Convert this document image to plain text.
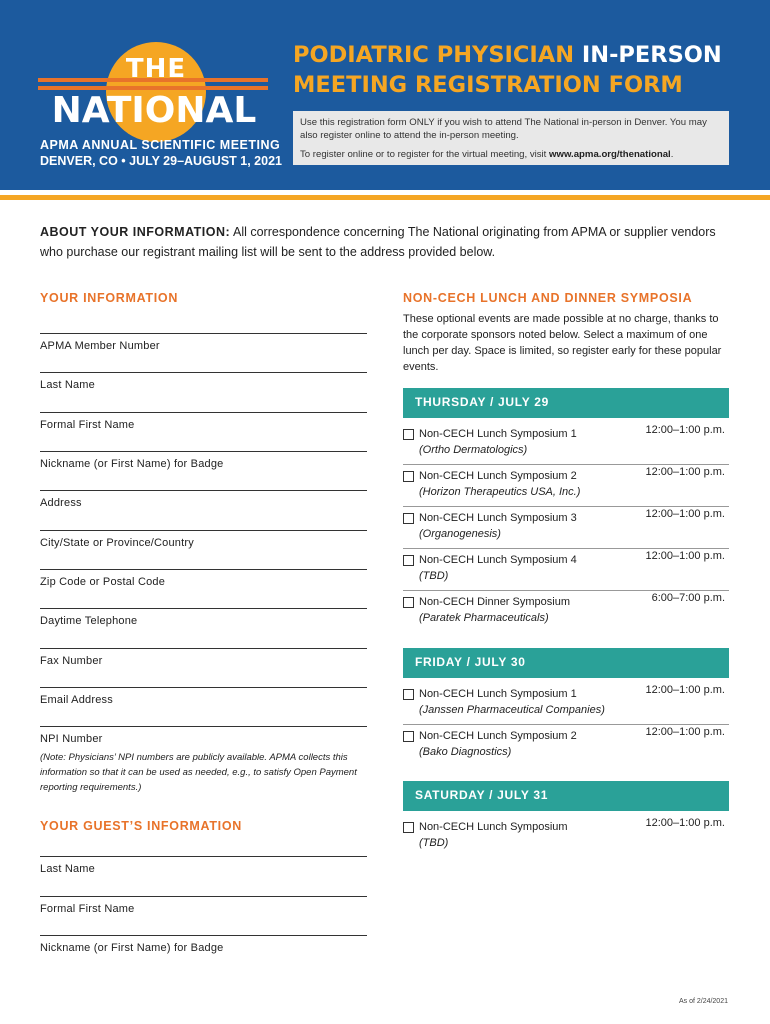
THE
NATIONAL
APMA ANNUAL SCIENTIFIC MEETING
DENVER, CO • JULY 29–AUGUST 1, 2021
PODIATRIC PHYSICIAN IN-PERSON
MEETING REGISTRATION FORM

Use this registration form ONLY if you wish to attend The National in-person in Denver. You may also register online to attend the in-person meeting.

To register online or to register for the virtual meeting, visit www.apma.org/thenational.

ABOUT YOUR INFORMATION: All correspondence concerning The National originating from APMA or supplier vendors who purchase our registrant mailing list will be sent to the address provided below.
YOUR INFORMATION
APMA Member Number
Last Name
Formal First Name
Nickname (or First Name) for Badge
Address
City/State or Province/Country
Zip Code or Postal Code
Daytime Telephone
Fax Number
Email Address
NPI Number
(Note: Physicians’ NPI numbers are publicly available. APMA collects this information so that it can be used as needed, e.g., to satisfy Open Payment reporting requirements.)
YOUR GUEST’S INFORMATION
Last Name
Formal First Name
Nickname (or First Name) for Badge
NON-CECH LUNCH AND DINNER SYMPOSIA
These optional events are made possible at no charge, thanks to the corporate sponsors noted below. Select a maximum of one lunch per day. Space is limited, so register early for these popular events.
THURSDAY / JULY 29
Non-CECH Lunch Symposium 1
(Ortho Dermatologics)
12:00–1:00 p.m.
Non-CECH Lunch Symposium 2
(Horizon Therapeutics USA, Inc.)
12:00–1:00 p.m.
Non-CECH Lunch Symposium 3
(Organogenesis)
12:00–1:00 p.m.
Non-CECH Lunch Symposium 4
(TBD)
12:00–1:00 p.m.
Non-CECH Dinner Symposium
(Paratek Pharmaceuticals)
6:00–7:00 p.m.
FRIDAY / JULY 30
Non-CECH Lunch Symposium 1
(Janssen Pharmaceutical Companies)
12:00–1:00 p.m.
Non-CECH Lunch Symposium 2
(Bako Diagnostics)
12:00–1:00 p.m.
SATURDAY / JULY 31
Non-CECH Lunch Symposium
(TBD)
12:00–1:00 p.m.
As of 2/24/2021
